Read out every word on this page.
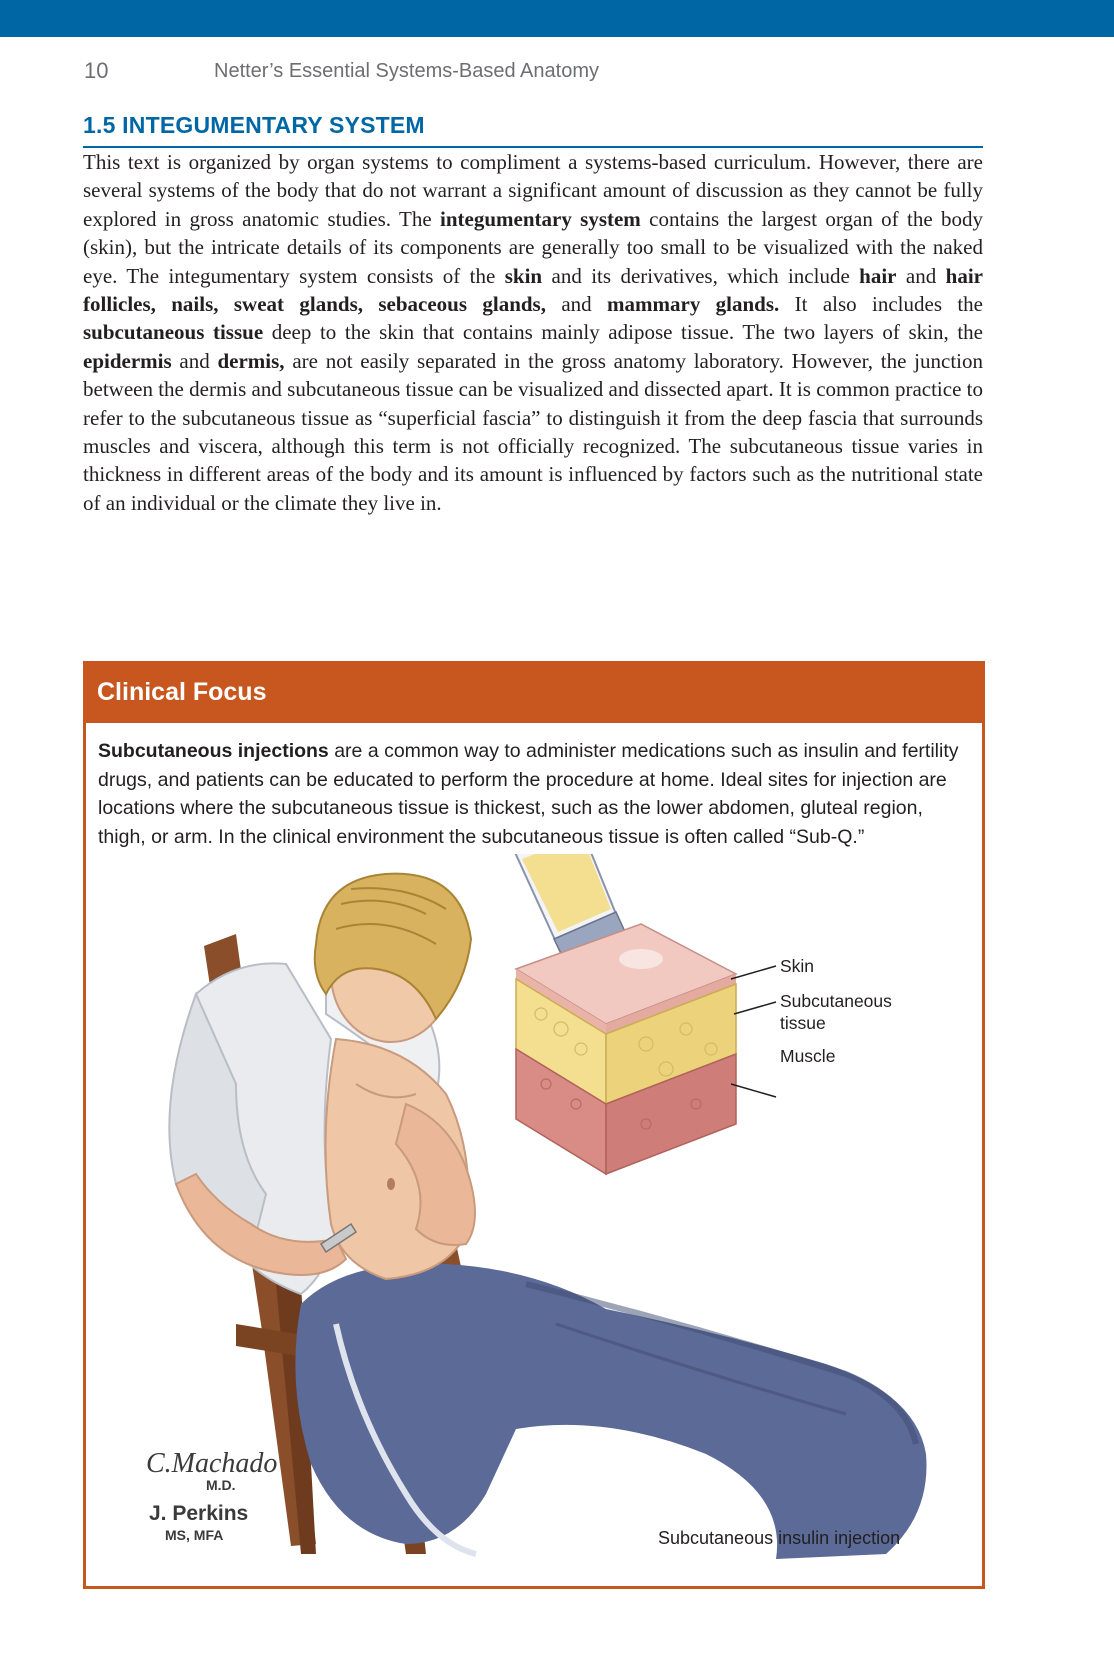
10	Netter’s Essential Systems-Based Anatomy
1.5 INTEGUMENTARY SYSTEM

This text is organized by organ systems to compliment a systems-based curriculum. However, there are several systems of the body that do not warrant a significant amount of discussion as they cannot be fully explored in gross anatomic studies. The integumentary system contains the largest organ of the body (skin), but the intricate details of its components are generally too small to be visualized with the naked eye. The integumentary system consists of the skin and its derivatives, which include hair and hair follicles, nails, sweat glands, sebaceous glands, and mammary glands. It also includes the subcutaneous tissue deep to the skin that contains mainly adipose tissue. The two layers of skin, the epidermis and dermis, are not easily separated in the gross anatomy laboratory. However, the junction between the dermis and subcutaneous tissue can be visualized and dissected apart. It is common practice to refer to the subcutaneous tissue as “superficial fascia” to distinguish it from the deep fascia that surrounds muscles and viscera, although this term is not officially recognized. The subcutaneous tissue varies in thickness in different areas of the body and its amount is influenced by factors such as the nutritional state of an individual or the climate they live in.

Clinical Focus

Subcutaneous injections are a common way to administer medications such as insulin and fertility drugs, and patients can be educated to perform the procedure at home. Ideal sites for injection are locations where the subcutaneous tissue is thickest, such as the lower abdomen, gluteal region, thigh, or arm. In the clinical environment the subcutaneous tissue is often called “Sub-Q.”

Skin
Subcutaneous
tissue
Muscle
C.Machado
M.D.
J. Perkins
MS, MFA	Subcutaneous insulin injection
